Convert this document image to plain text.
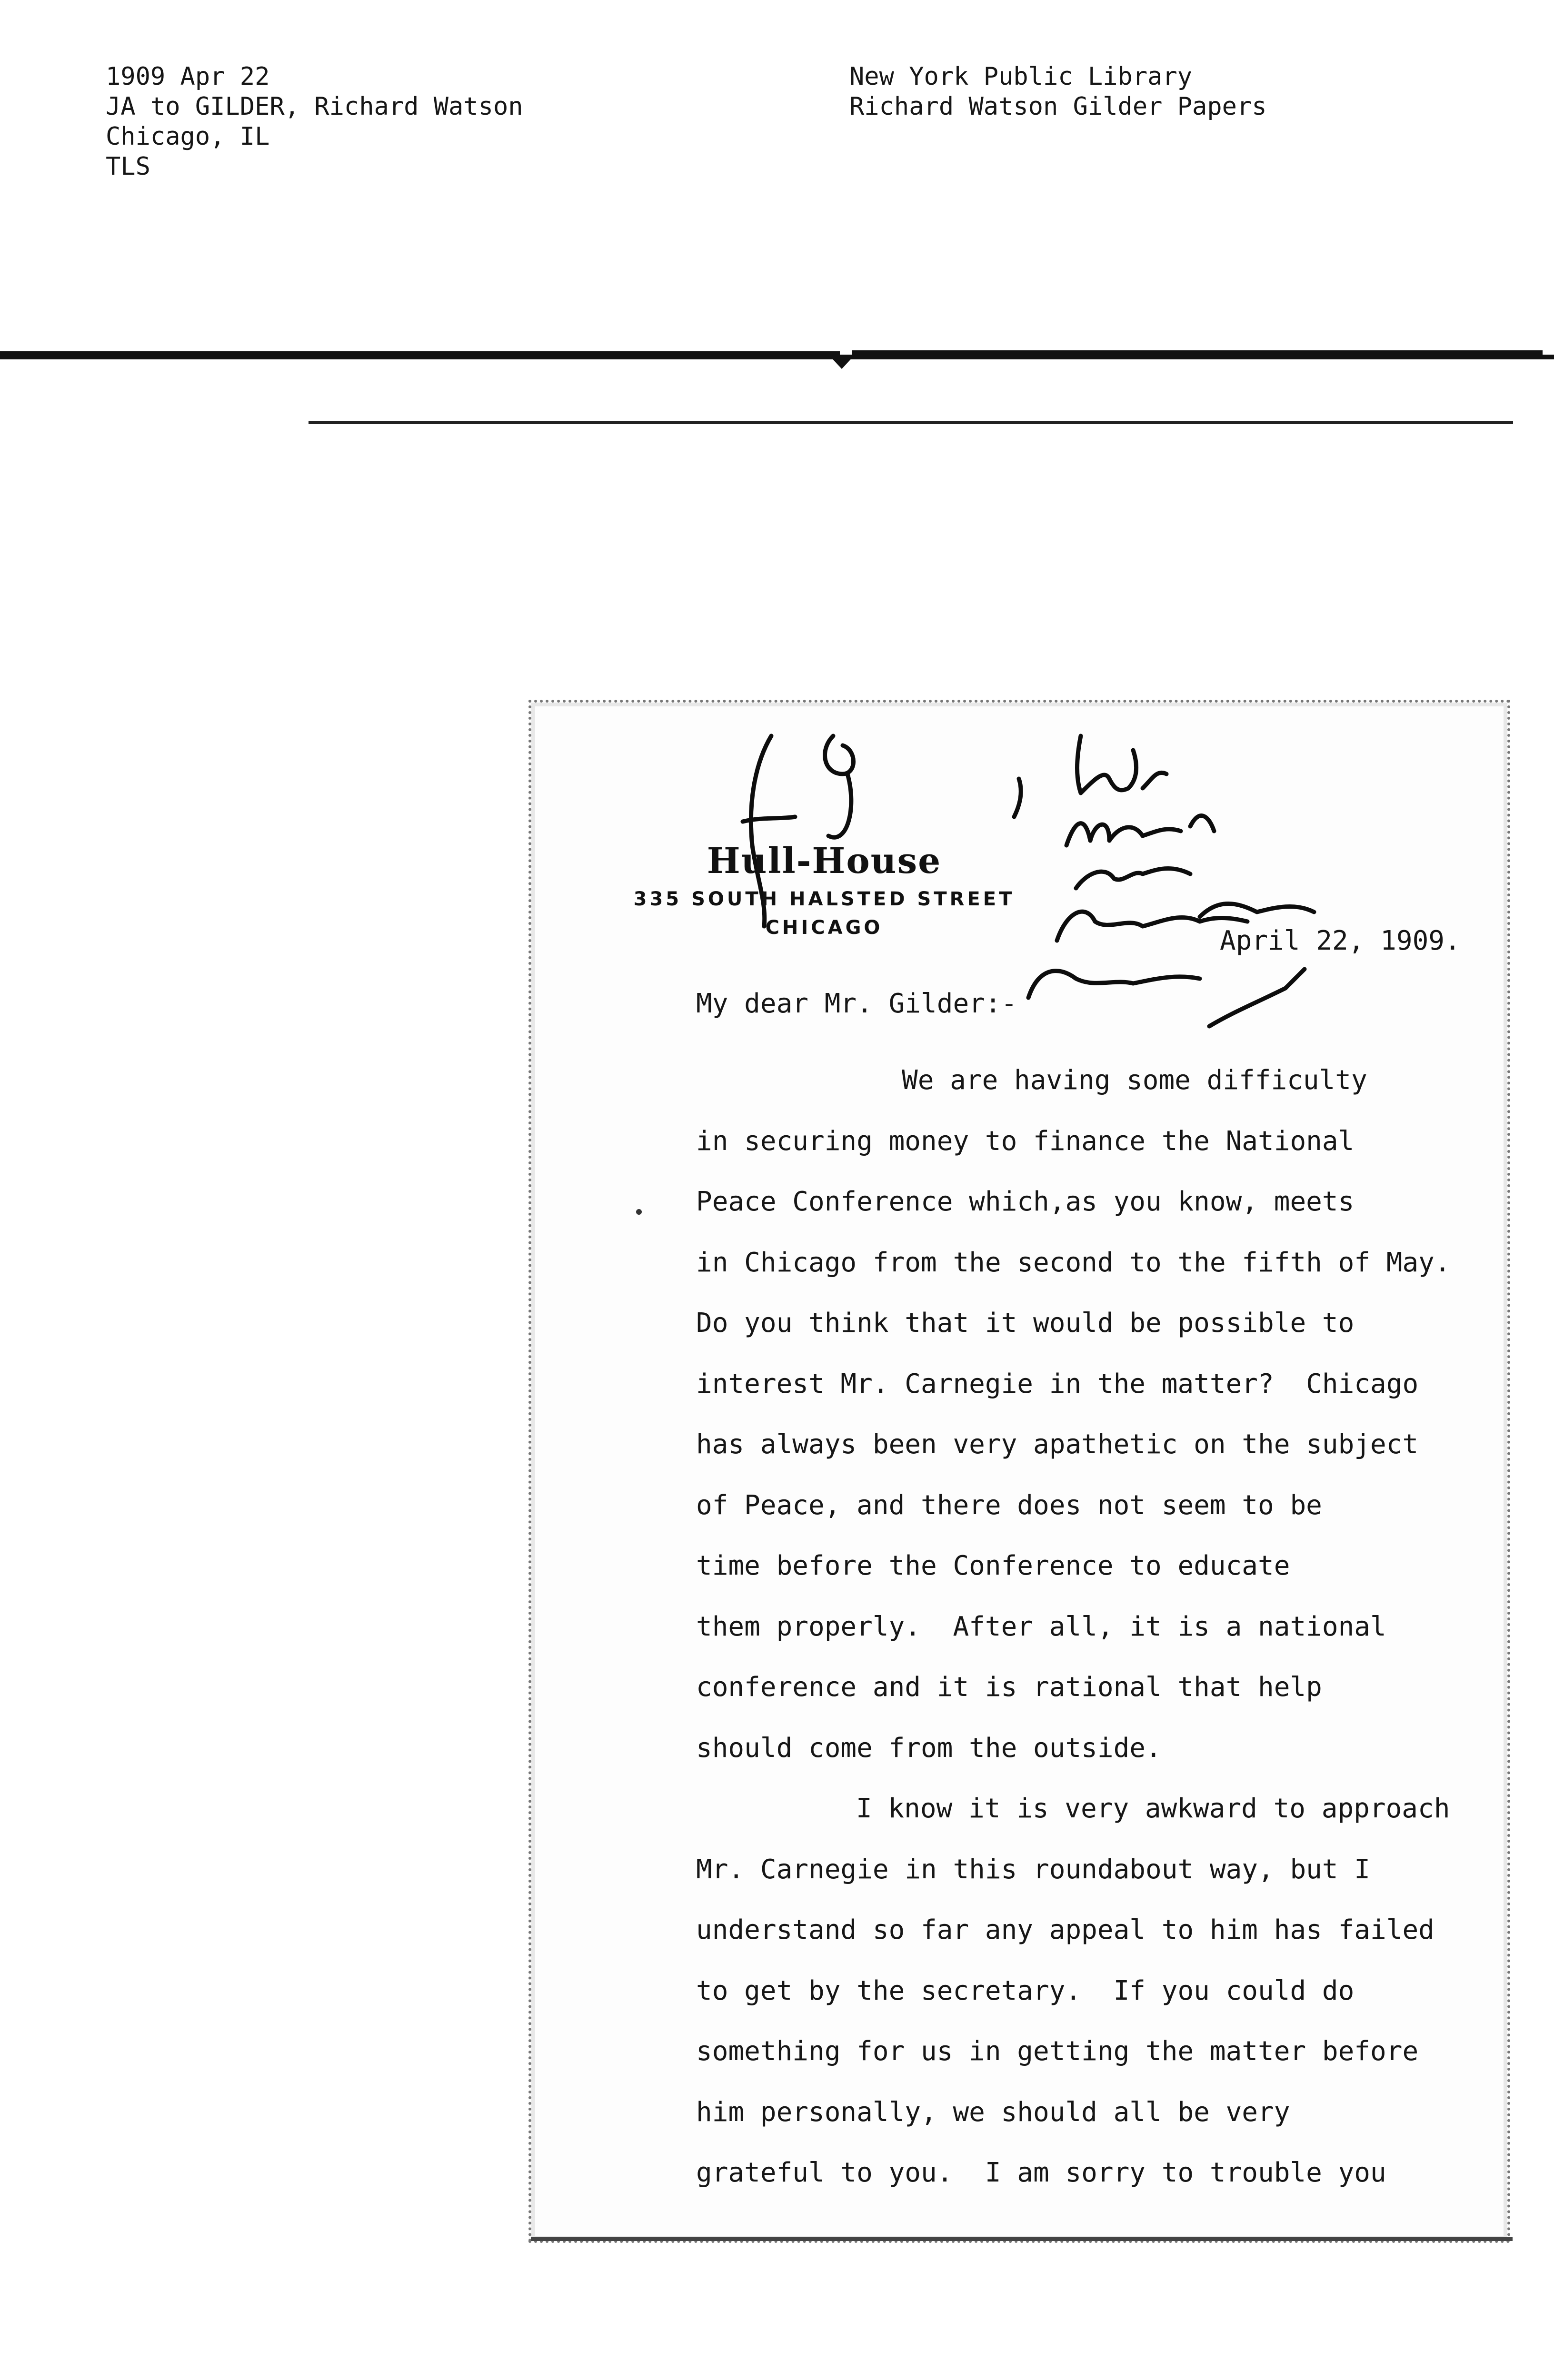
1909 Apr 22
JA to GILDER, Richard Watson
Chicago, IL
TLS
New York Public Library
Richard Watson Gilder Papers
Hull-House
335 SOUTH HALSTED STREET
CHICAGO	April 22, 1909.
My dear Mr. Gilder:-
We are having some difficulty
in securing money to finance the National
Peace Conference which,as you know, meets
in Chicago from the second to the fifth of May.
Do you think that it would be possible to
interest Mr. Carnegie in the matter?  Chicago
has always been very apathetic on the subject
of Peace, and there does not seem to be
time before the Conference to educate
them properly.  After all, it is a national
conference and it is rational that help
should come from the outside.
I know it is very awkward to approach
Mr. Carnegie in this roundabout way, but I
understand so far any appeal to him has failed
to get by the secretary.  If you could do
something for us in getting the matter before
him personally, we should all be very
grateful to you.  I am sorry to trouble you
